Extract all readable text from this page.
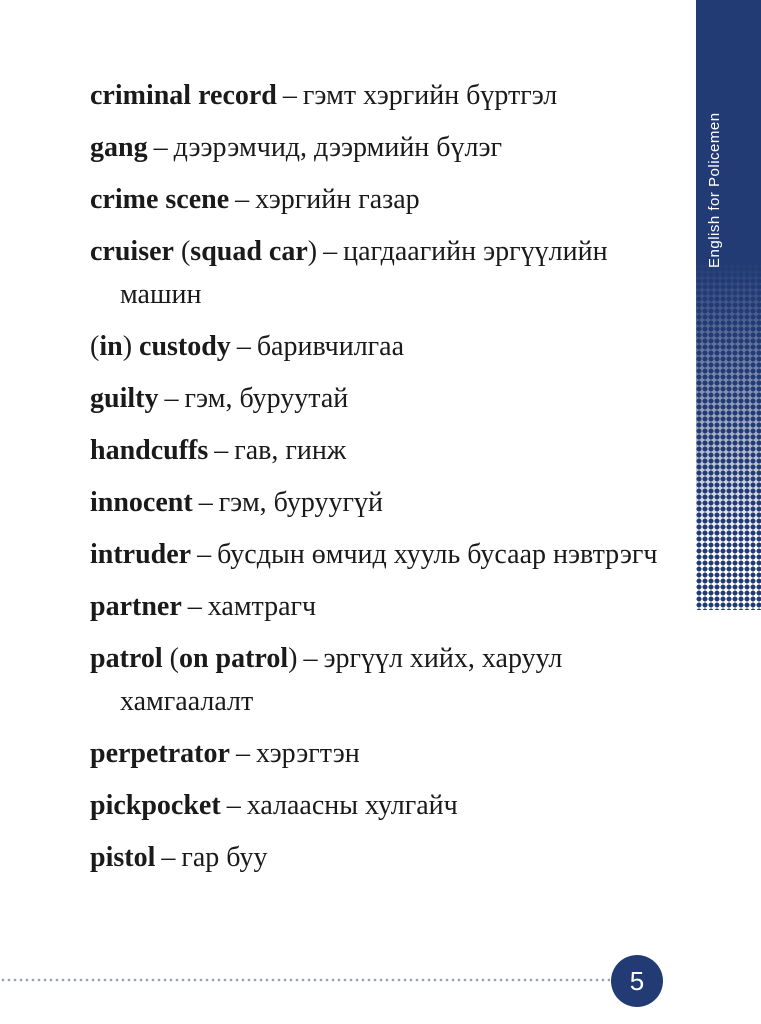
English for Policemen

criminal record – гэмт хэргийн бүртгэл

gang – дээрэмчид, дээрмийн бүлэг

crime scene – хэргийн газар

cruiser (squad car) – цагдаагийн эргүүлийн машин

(in) custody – баривчилгаа

guilty – гэм, буруутай

handcuffs – гав, гинж

innocent – гэм, буруугүй

intruder – бусдын өмчид хууль бусаар нэвтрэгч

partner – хамтрагч

patrol (on patrol) – эргүүл хийх, харуул хамгаалалт

perpetrator – хэрэгтэн

pickpocket – халаасны хулгайч

pistol – гар буу

5
